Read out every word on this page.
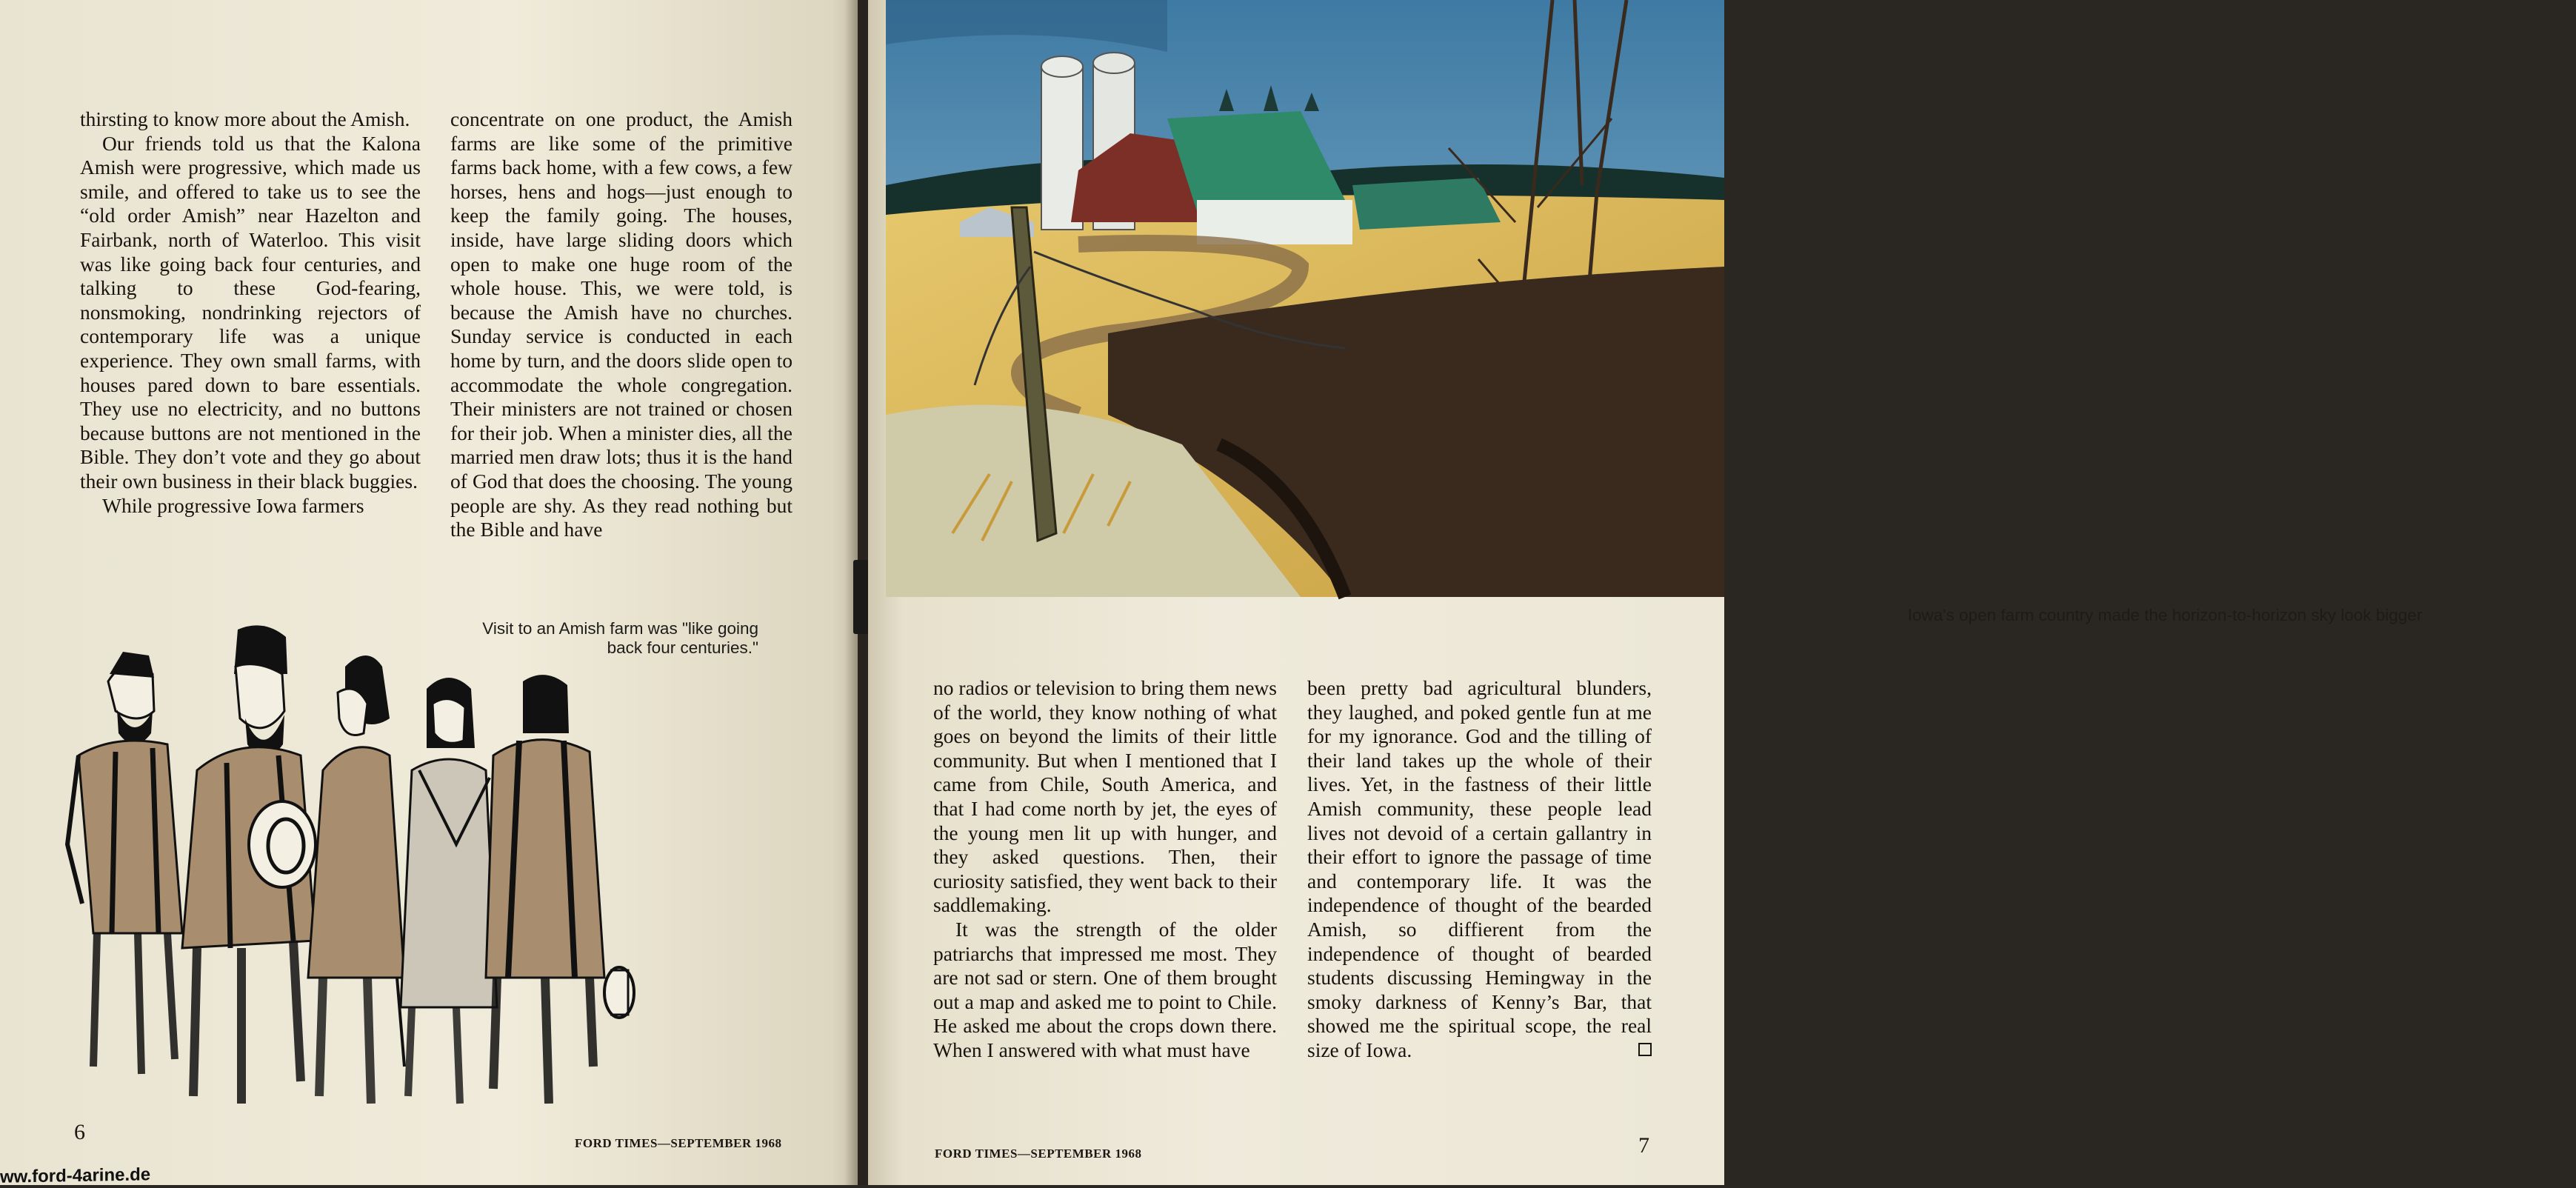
thirsting to know more about the Amish.

Our friends told us that the Kalona Amish were progressive, which made us smile, and offered to take us to see the “old order Amish” near Hazelton and Fairbank, north of Waterloo. This visit was like going back four centuries, and talking to these God-fearing, nonsmoking, nondrinking rejectors of contemporary life was a unique experience. They own small farms, with houses pared down to bare essentials. They use no electricity, and no buttons because buttons are not mentioned in the Bible. They don’t vote and they go about their own business in their black buggies.

While progressive Iowa farmers

concentrate on one product, the Amish farms are like some of the primitive farms back home, with a few cows, a few horses, hens and hogs—just enough to keep the family going. The houses, inside, have large sliding doors which open to make one huge room of the whole house. This, we were told, is because the Amish have no churches. Sunday service is conducted in each home by turn, and the doors slide open to accommodate the whole congregation. Their ministers are not trained or chosen for their job. When a minister dies, all the married men draw lots; thus it is the hand of God that does the choosing. The young people are shy. As they read nothing but the Bible and have

Visit to an Amish farm was "like going back four centuries."
6	FORD TIMES—SEPTEMBER 1968
ww.ford-4arine.de
Iowa's open farm country made the horizon-to-horizon sky look bigger

no radios or television to bring them news of the world, they know nothing of what goes on beyond the limits of their little community. But when I mentioned that I came from Chile, South America, and that I had come north by jet, the eyes of the young men lit up with hunger, and they asked questions. Then, their curiosity satisfied, they went back to their saddlemaking.

It was the strength of the older patriarchs that impressed me most. They are not sad or stern. One of them brought out a map and asked me to point to Chile. He asked me about the crops down there. When I answered with what must have

been pretty bad agricultural blunders, they laughed, and poked gentle fun at me for my ignorance. God and the tilling of their land takes up the whole of their lives. Yet, in the fastness of their little Amish community, these people lead lives not devoid of a certain gallantry in their effort to ignore the passage of time and contemporary life. It was the independence of thought of the bearded Amish, so diffierent from the independence of thought of bearded students discussing Hemingway in the smoky darkness of Kenny’s Bar, that showed me the spiritual scope, the real size of Iowa.

FORD TIMES—SEPTEMBER 1968	7
